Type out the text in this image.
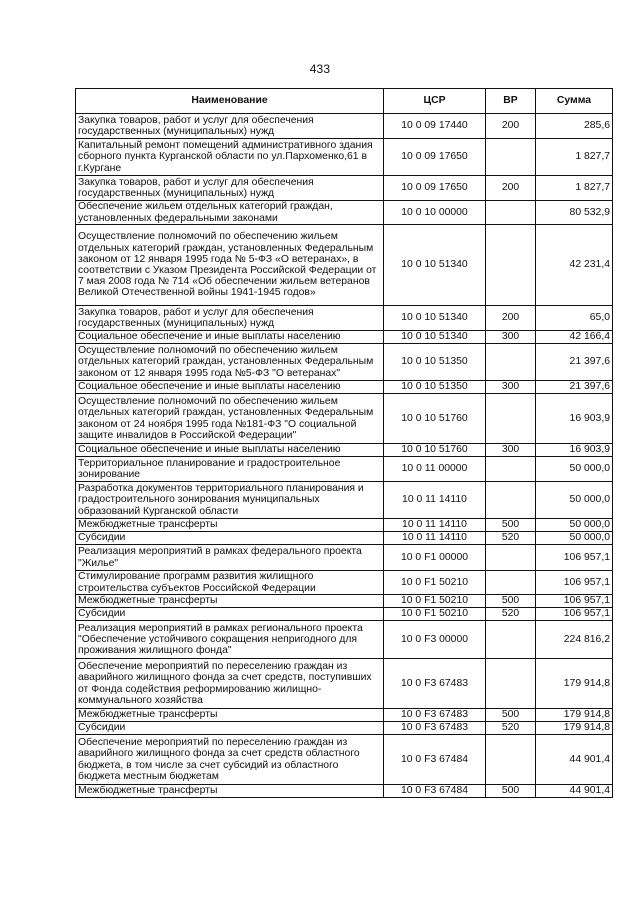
433
Наименование	ЦСР	ВР	Сумма
Закупка товаров, работ и услуг для обеспечения государственных (муниципальных) нужд	10 0 09 17440	200	285,6
Капитальный ремонт помещений административного здания сборного пункта Курганской области по ул.Пархоменко,61 в г.Кургане	10 0 09 17650		1 827,7
Закупка товаров, работ и услуг для обеспечения государственных (муниципальных) нужд	10 0 09 17650	200	1 827,7
Обеспечение жильем отдельных категорий граждан, установленных федеральными законами	10 0 10 00000		80 532,9
Осуществление полномочий по обеспечению жильем отдельных категорий граждан, установленных Федеральным законом от 12 января 1995 года № 5-ФЗ «О ветеранах», в соответствии с Указом Президента Российской Федерации от 7 мая 2008 года № 714 «Об обеспечении жильем ветеранов Великой Отечественной войны 1941-1945 годов»	10 0 10 51340		42 231,4
Закупка товаров, работ и услуг для обеспечения государственных (муниципальных) нужд	10 0 10 51340	200	65,0
Социальное обеспечение и иные выплаты населению	10 0 10 51340	300	42 166,4
Осуществление полномочий по обеспечению жильем отдельных категорий граждан, установленных Федеральным законом от 12 января 1995 года №5-ФЗ "О ветеранах"	10 0 10 51350		21 397,6
Социальное обеспечение и иные выплаты населению	10 0 10 51350	300	21 397,6
Осуществление полномочий по обеспечению жильем отдельных категорий граждан, установленных Федеральным законом от 24 ноября 1995 года №181-ФЗ "О социальной защите инвалидов в Российской Федерации"	10 0 10 51760		16 903,9
Социальное обеспечение и иные выплаты населению	10 0 10 51760	300	16 903,9
Территориальное планирование и градостроительное зонирование	10 0 11 00000		50 000,0
Разработка документов территориального планирования и градостроительного зонирования муниципальных образований Курганской области	10 0 11 14110		50 000,0
Межбюджетные трансферты	10 0 11 14110	500	50 000,0
Субсидии	10 0 11 14110	520	50 000,0
Реализация мероприятий в рамках федерального проекта "Жилье"	10 0 F1 00000		106 957,1
Стимулирование программ развития жилищного строительства субъектов Российской Федерации	10 0 F1 50210		106 957,1
Межбюджетные трансферты	10 0 F1 50210	500	106 957,1
Субсидии	10 0 F1 50210	520	106 957,1
Реализация мероприятий в рамках регионального проекта "Обеспечение устойчивого сокращения непригодного для проживания жилищного фонда"	10 0 F3 00000		224 816,2
Обеспечение мероприятий по переселению граждан из аварийного жилищного фонда за счет средств, поступивших от Фонда содействия реформированию жилищно-коммунального хозяйства	10 0 F3 67483		179 914,8
Межбюджетные трансферты	10 0 F3 67483	500	179 914,8
Субсидии	10 0 F3 67483	520	179 914,8
Обеспечение мероприятий по переселению граждан из аварийного жилищного фонда за счет средств областного бюджета, в том числе за счет субсидий из областного бюджета местным бюджетам	10 0 F3 67484		44 901,4
Межбюджетные трансферты	10 0 F3 67484	500	44 901,4
